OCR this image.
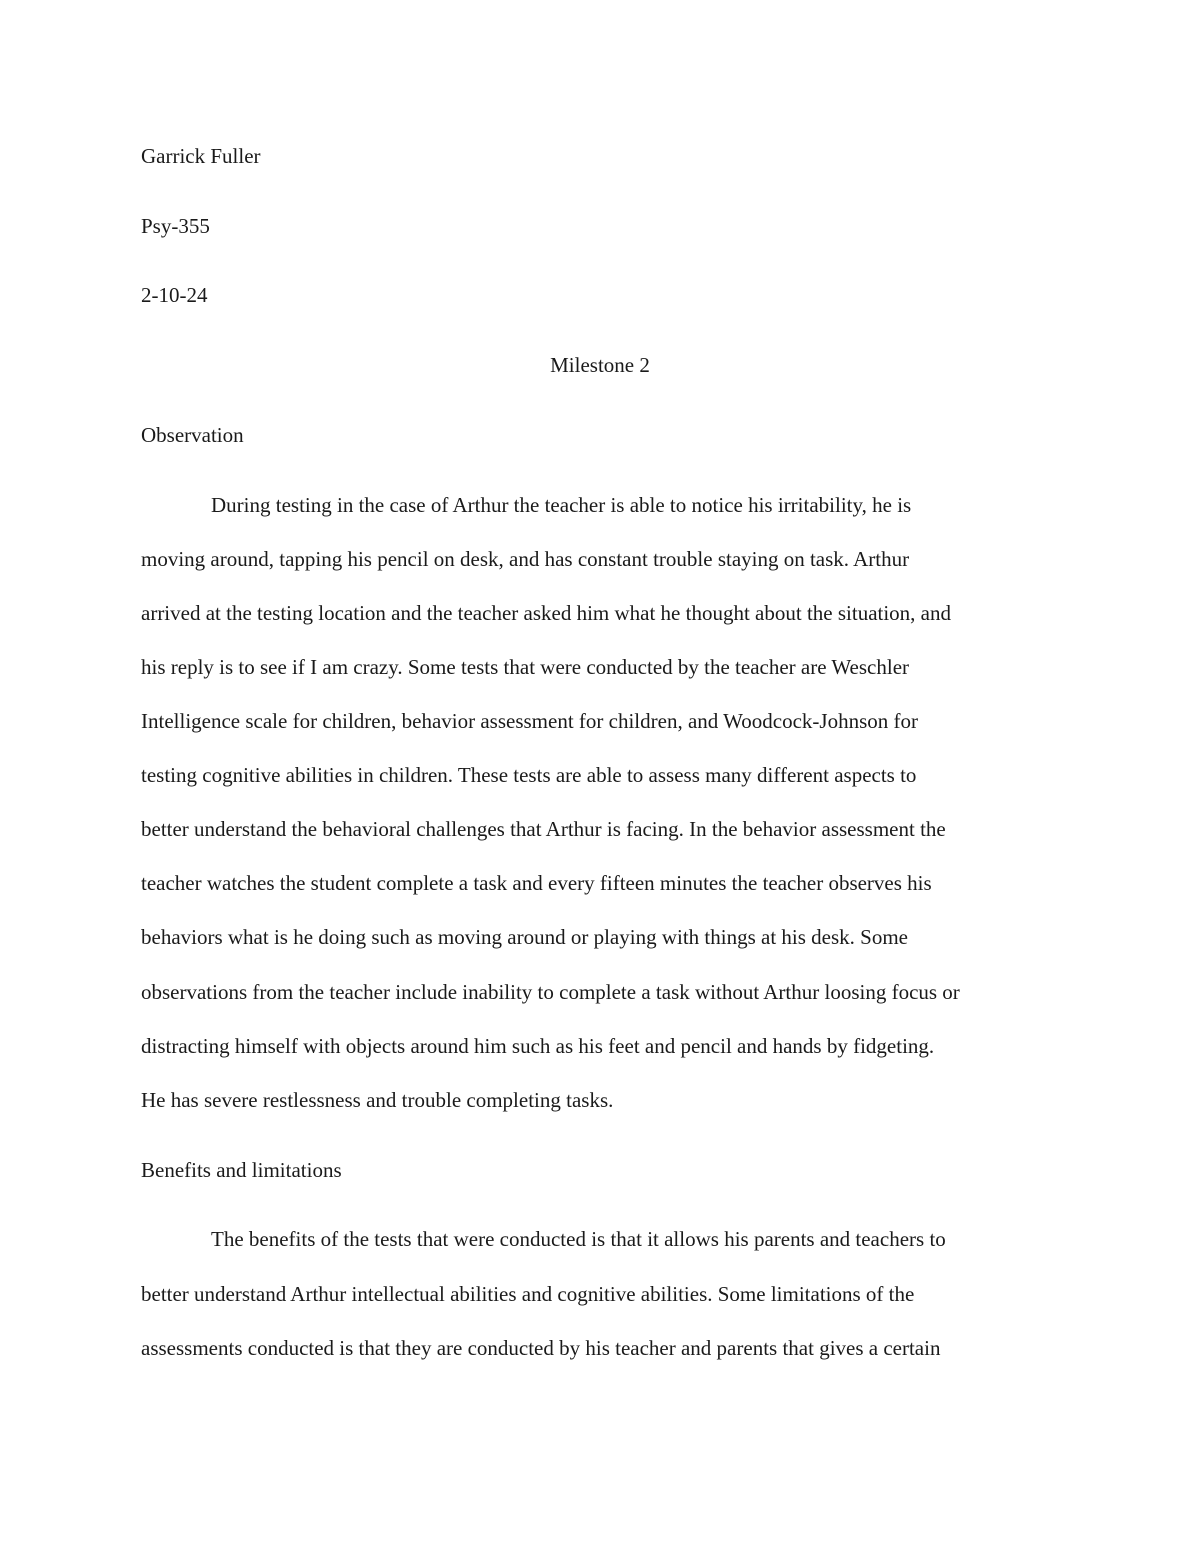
Garrick Fuller
Psy-355
2-10-24
Milestone 2
Observation
During testing in the case of Arthur the teacher is able to notice his irritability, he is
moving around, tapping his pencil on desk, and has constant trouble staying on task. Arthur
arrived at the testing location and the teacher asked him what he thought about the situation, and
his reply is to see if I am crazy. Some tests that were conducted by the teacher are Weschler
Intelligence scale for children, behavior assessment for children, and Woodcock-Johnson for
testing cognitive abilities in children. These tests are able to assess many different aspects to
better understand the behavioral challenges that Arthur is facing. In the behavior assessment the
teacher watches the student complete a task and every fifteen minutes the teacher observes his
behaviors what is he doing such as moving around or playing with things at his desk. Some
observations from the teacher include inability to complete a task without Arthur loosing focus or
distracting himself with objects around him such as his feet and pencil and hands by fidgeting.
He has severe restlessness and trouble completing tasks.
Benefits and limitations
The benefits of the tests that were conducted is that it allows his parents and teachers to
better understand Arthur intellectual abilities and cognitive abilities. Some limitations of the
assessments conducted is that they are conducted by his teacher and parents that gives a certain
